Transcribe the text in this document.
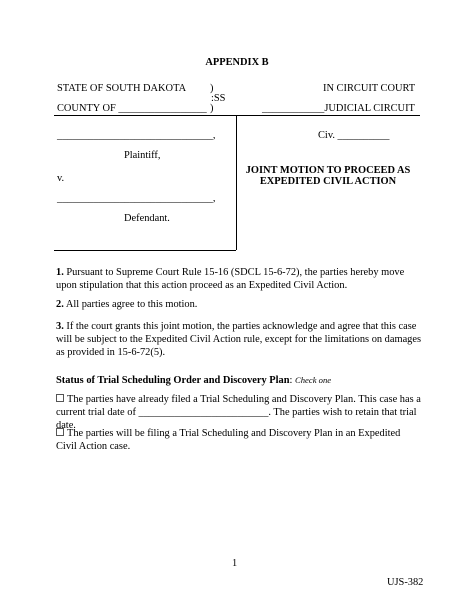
APPENDIX B
STATE OF SOUTH DAKOTA )	IN CIRCUIT COURT
:SS
COUNTY OF _________________ )	____________JUDICIAL CIRCUIT
______________________________,
Plaintiff,
v.
______________________________,
Defendant.
Civ. __________
JOINT MOTION TO PROCEED AS
EXPEDITED CIVIL ACTION
1. Pursuant to Supreme Court Rule 15-16 (SDCL 15-6-72), the parties hereby move upon stipulation that this action proceed as an Expedited Civil Action.
2. All parties agree to this motion.
3. If the court grants this joint motion, the parties acknowledge and agree that this case will be subject to the Expedited Civil Action rule, except for the limitations on damages as provided in 15-6-72(5).
Status of Trial Scheduling Order and Discovery Plan: Check one
The parties have already filed a Trial Scheduling and Discovery Plan. This case has a current trial date of _________________________. The parties wish to retain that trial date.
The parties will be filing a Trial Scheduling and Discovery Plan in an Expedited Civil Action case.
1
UJS-382
